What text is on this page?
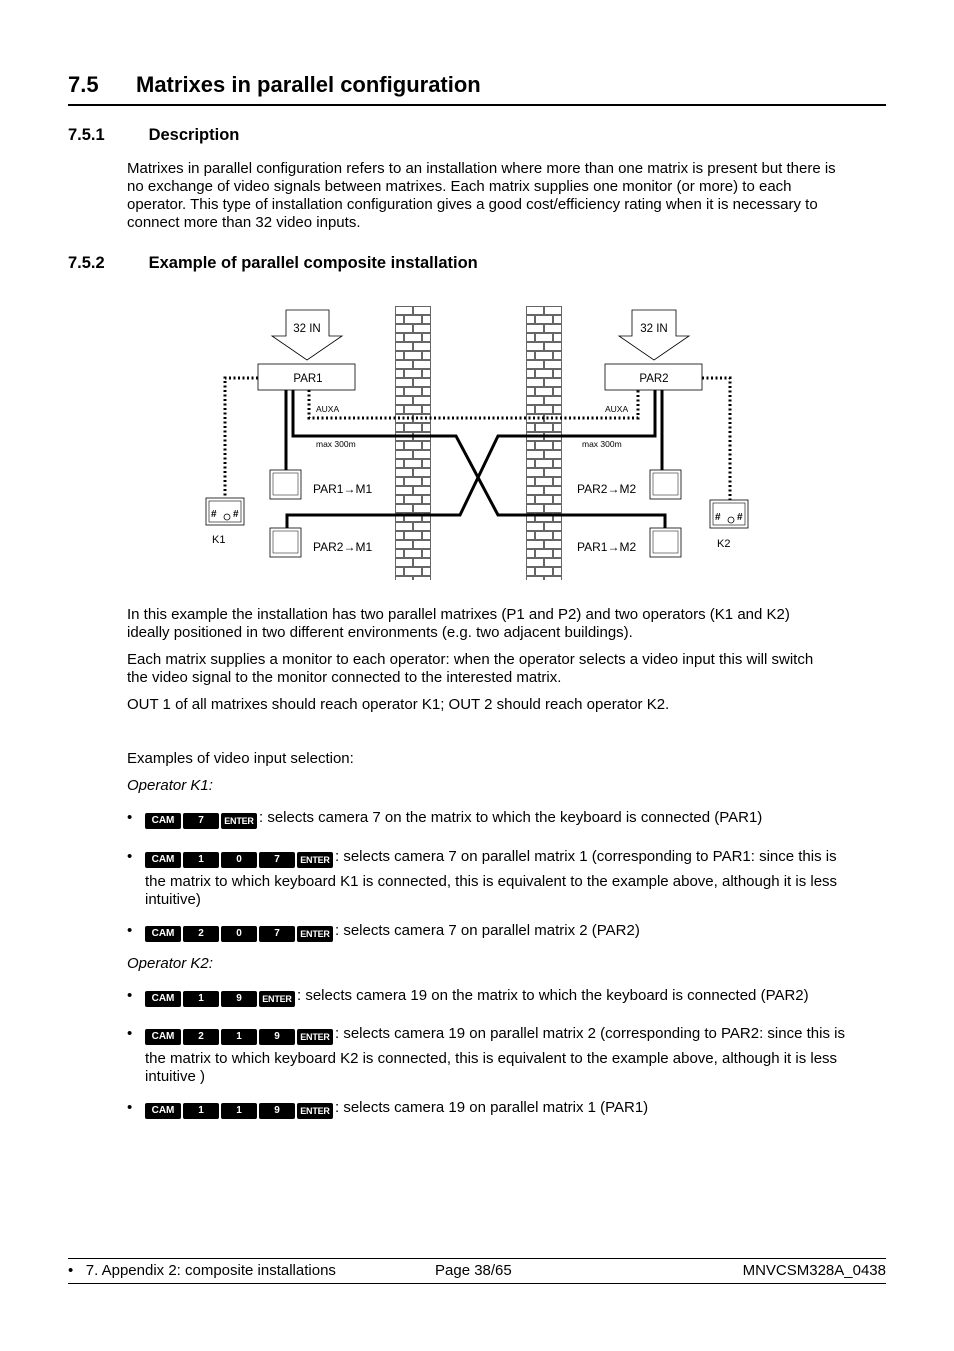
7.5 Matrixes in parallel configuration
7.5.1 Description
Matrixes in parallel configuration refers to an installation where more than one matrix is present but there is
no exchange of video signals between matrixes. Each matrix supplies one monitor (or more) to each
operator. This type of installation configuration gives a good cost/efficiency rating when it is necessary to
connect more than 32 video inputs.
7.5.2 Example of parallel composite installation
32 IN	32 IN
PAR1	PAR2
AUXA	AUXA
max 300m	max 300m
PAR1→M1
PAR2→M1
PAR2→M2
PAR1→M2
# #
K1
# #
K2
In this example the installation has two parallel matrixes (P1 and P2) and two operators (K1 and K2)
ideally positioned in two different environments (e.g. two adjacent buildings).
Each matrix supplies a monitor to each operator: when the operator selects a video input this will switch
the video signal to the monitor connected to the interested matrix.
OUT 1 of all matrixes should reach operator K1; OUT 2 should reach operator K2.
Examples of video input selection:
Operator K1:
•	CAM	7	ENTER : selects camera 7 on the matrix to which the keyboard is connected (PAR1)
•	CAM	1	0	7	ENTER : selects camera 7 on parallel matrix 1 (corresponding to PAR1: since this is
the matrix to which keyboard K1 is connected, this is equivalent to the example above, although it is less
intuitive)
•	CAM	2	0	7	ENTER : selects camera 7 on parallel matrix 2 (PAR2)
Operator K2:
•	CAM	1	9	ENTER : selects camera 19 on the matrix to which the keyboard is connected (PAR2)
•	CAM	2	1	9	ENTER : selects camera 19 on parallel matrix 2 (corresponding to PAR2: since this is
the matrix to which keyboard K2 is connected, this is equivalent to the example above, although it is less
intuitive )
•	CAM	1	1	9	ENTER : selects camera 19 on parallel matrix 1 (PAR1)
•   7. Appendix 2: composite installations	Page 38/65	MNVCSM328A_0438
